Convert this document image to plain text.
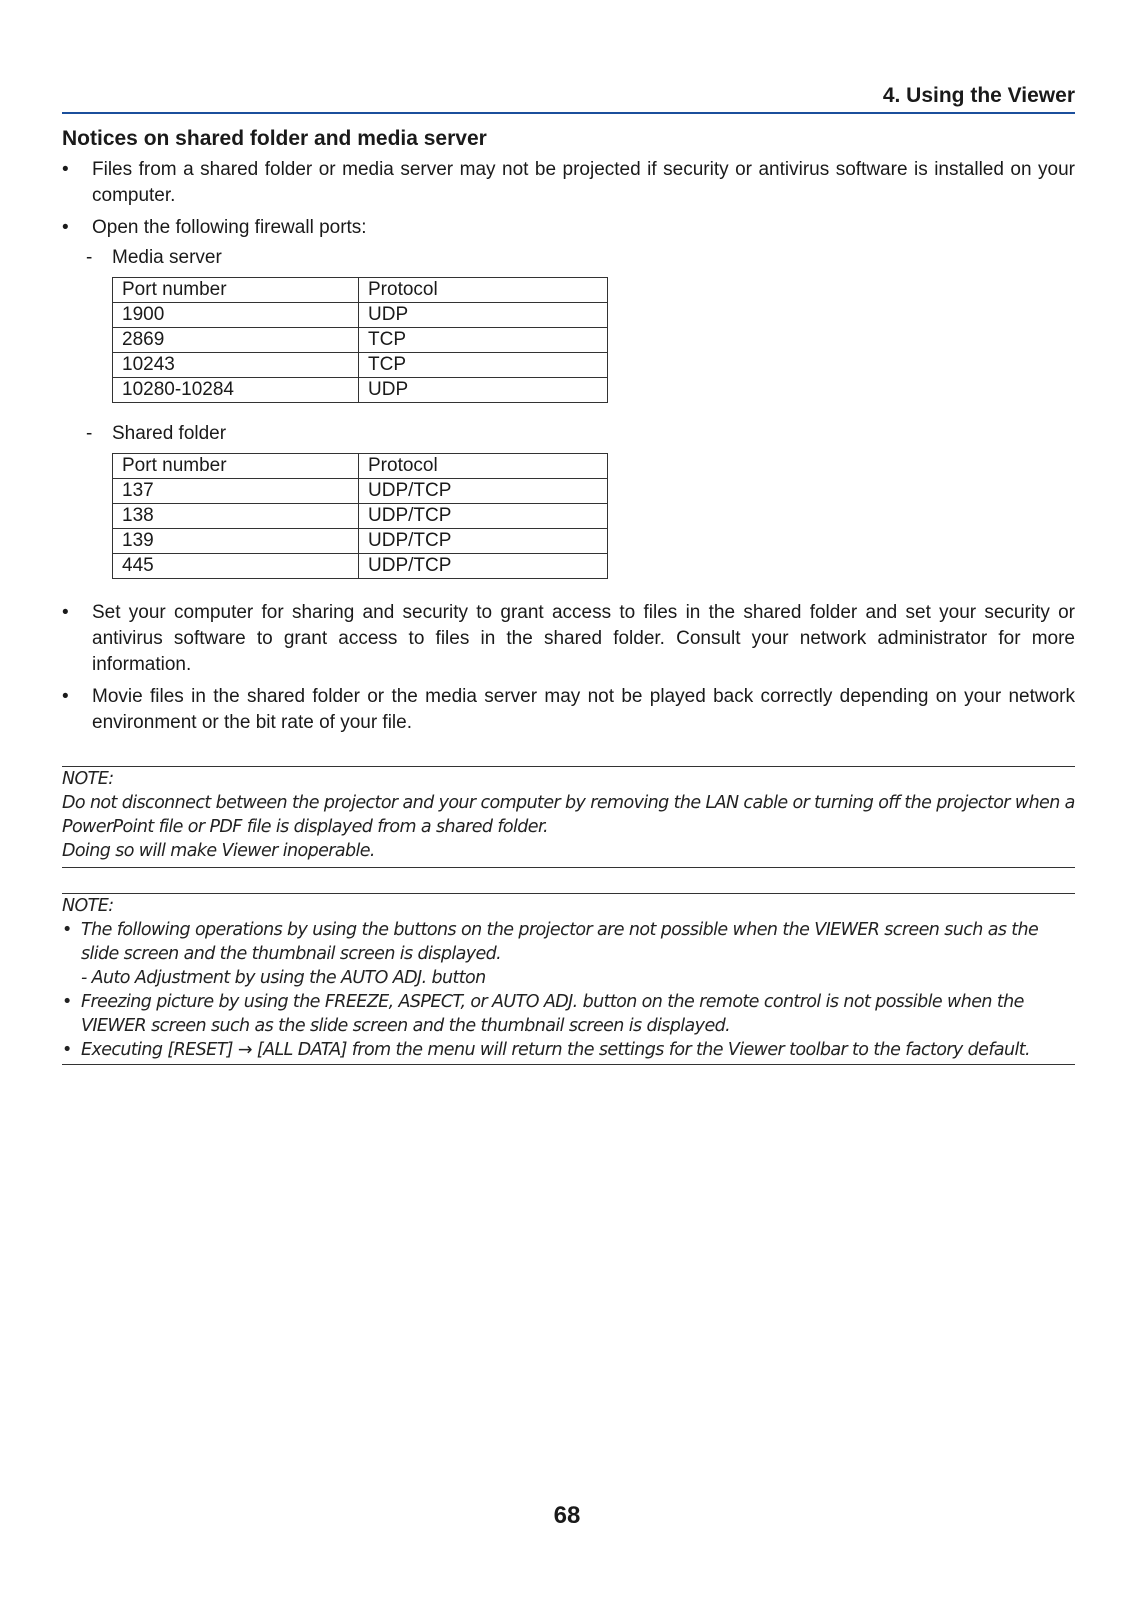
4. Using the Viewer
Notices on shared folder and media server
• Files from a shared folder or media server may not be projected if security or antivirus software is installed on your computer.
• Open the following firewall ports:
- Media server
Port number	Protocol
1900	UDP
2869	TCP
10243	TCP
10280-10284	UDP
- Shared folder
Port number	Protocol
137	UDP/TCP
138	UDP/TCP
139	UDP/TCP
445	UDP/TCP
• Set your computer for sharing and security to grant access to files in the shared folder and set your security or antivirus software to grant access to files in the shared folder. Consult your network administrator for more information.
• Movie files in the shared folder or the media server may not be played back correctly depending on your network environment or the bit rate of your file.

NOTE:

Do not disconnect between the projector and your computer by removing the LAN cable or turning off the projector when a PowerPoint file or PDF file is displayed from a shared folder.

Doing so will make Viewer inoperable.

NOTE:

• The following operations by using the buttons on the projector are not possible when the VIEWER screen such as the slide screen and the thumbnail screen is displayed.
- Auto Adjustment by using the AUTO ADJ. button
• Freezing picture by using the FREEZE, ASPECT, or AUTO ADJ. button on the remote control is not possible when the VIEWER screen such as the slide screen and the thumbnail screen is displayed.
• Executing [RESET] → [ALL DATA] from the menu will return the settings for the Viewer toolbar to the factory default.
68
